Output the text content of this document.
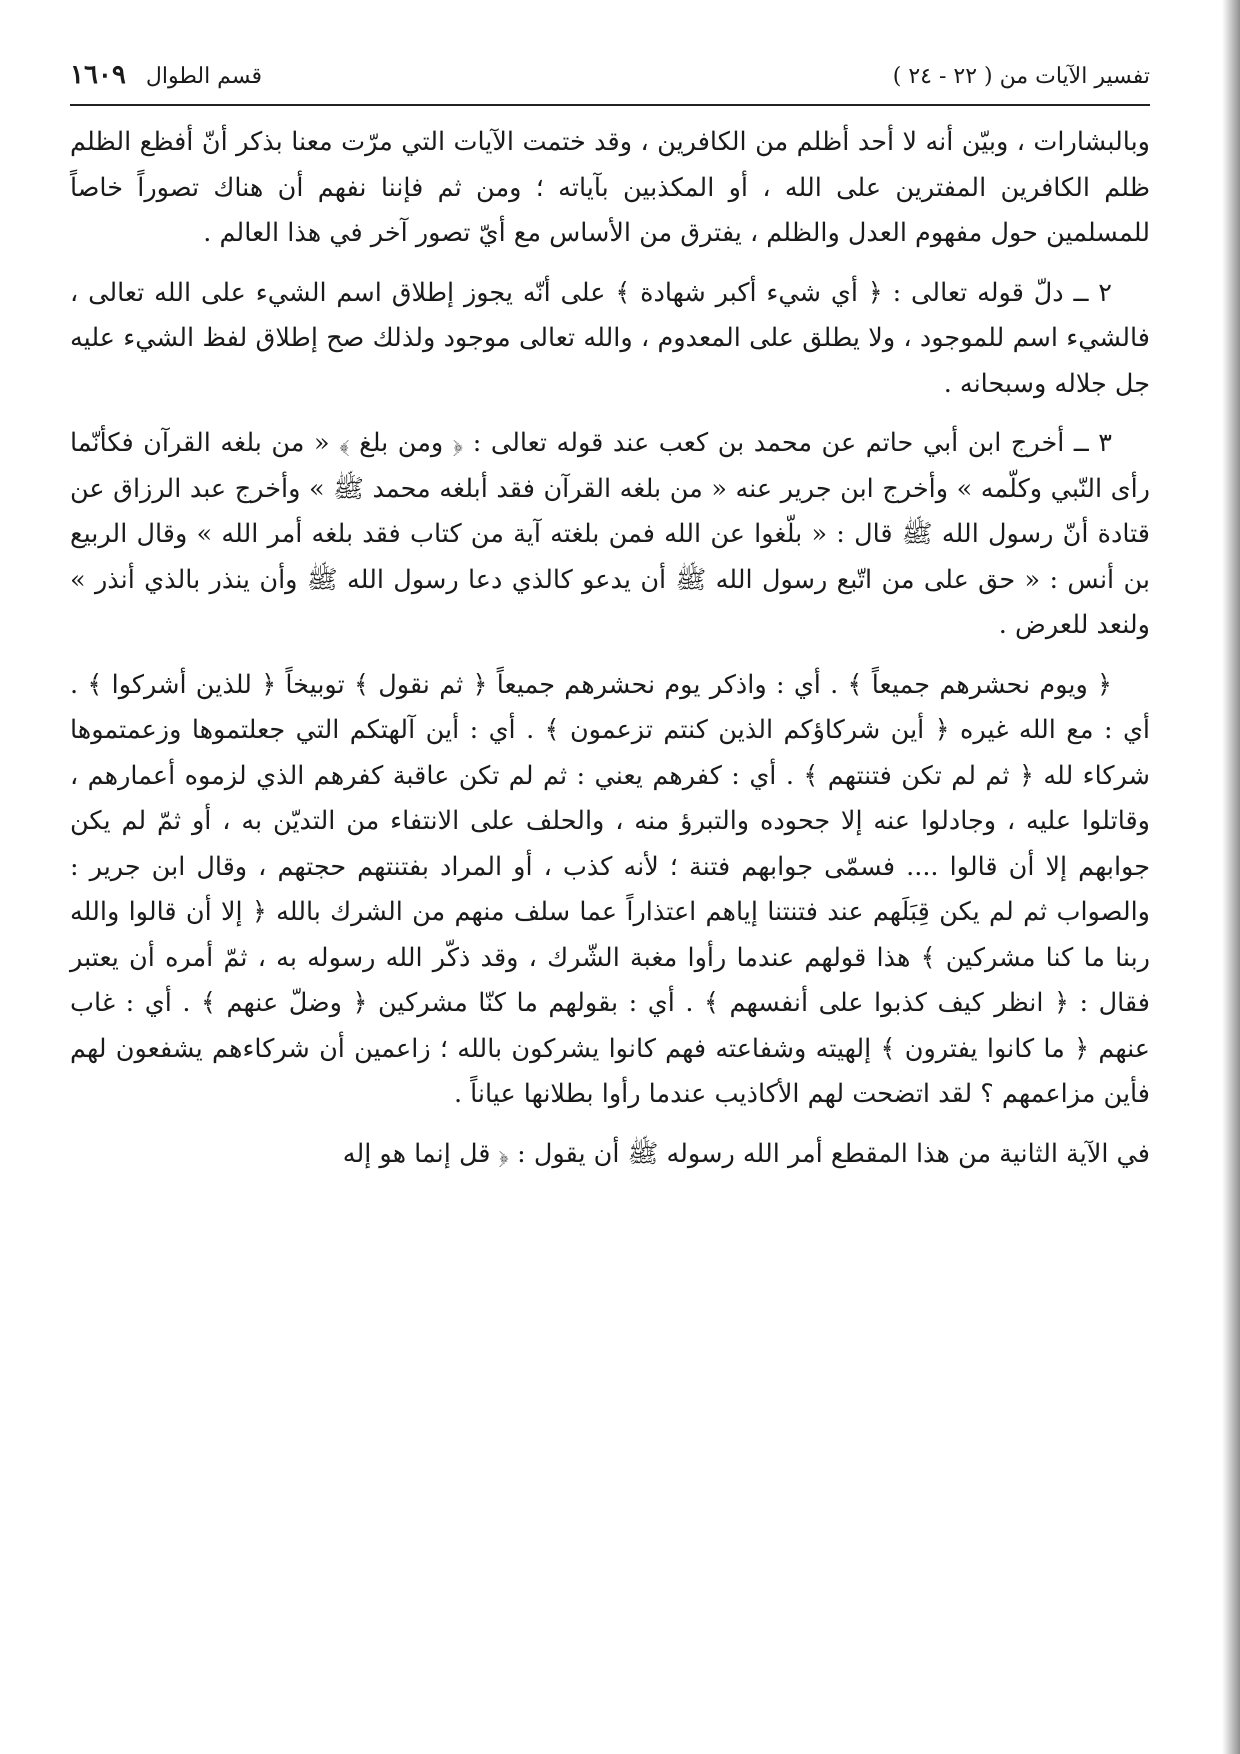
تفسير الآيات من ( ٢٢ - ٢٤ )
قسم الطوال
١٦٠٩

وبالبشارات ، وبيّن أنه لا أحد أظلم من الكافرين ، وقد ختمت الآيات التي مرّت معنا بذكر أنّ أفظع الظلم ظلم الكافرين المفترين على الله ، أو المكذبين بآياته ؛ ومن ثم فإننا نفهم أن هناك تصوراً خاصاً للمسلمين حول مفهوم العدل والظلم ، يفترق من الأساس مع أيّ تصور آخر في هذا العالم .

٢ ــ دلّ قوله تعالى : ﴿ أي شيء أكبر شهادة ﴾ على أنّه يجوز إطلاق اسم الشيء على الله تعالى ، فالشيء اسم للموجود ، ولا يطلق على المعدوم ، والله تعالى موجود ولذلك صح إطلاق لفظ الشيء عليه جل جلاله وسبحانه .

٣ ــ أخرج ابن أبي حاتم عن محمد بن كعب عند قوله تعالى : ﴿ ومن بلغ ﴾ « من بلغه القرآن فكأنّما رأى النّبي وكلّمه » وأخرج ابن جرير عنه « من بلغه القرآن فقد أبلغه محمد ﷺ » وأخرج عبد الرزاق عن قتادة أنّ رسول الله ﷺ قال : « بلّغوا عن الله فمن بلغته آية من كتاب فقد بلغه أمر الله » وقال الربيع بن أنس : « حق على من اتّبع رسول الله ﷺ أن يدعو كالذي دعا رسول الله ﷺ وأن ينذر بالذي أنذر » ولنعد للعرض .

﴿ ويوم نحشرهم جميعاً ﴾ . أي : واذكر يوم نحشرهم جميعاً ﴿ ثم نقول ﴾ توبيخاً ﴿ للذين أشركوا ﴾ . أي : مع الله غيره ﴿ أين شركاؤكم الذين كنتم تزعمون ﴾ . أي : أين آلهتكم التي جعلتموها وزعمتموها شركاء لله ﴿ ثم لم تكن فتنتهم ﴾ . أي : كفرهم يعني : ثم لم تكن عاقبة كفرهم الذي لزموه أعمارهم ، وقاتلوا عليه ، وجادلوا عنه إلا جحوده والتبرؤ منه ، والحلف على الانتفاء من التديّن به ، أو ثمّ لم يكن جوابهم إلا أن قالوا .... فسمّى جوابهم فتنة ؛ لأنه كذب ، أو المراد بفتنتهم حجتهم ، وقال ابن جرير : والصواب ثم لم يكن قِبَلَهم عند فتنتنا إياهم اعتذاراً عما سلف منهم من الشرك بالله ﴿ إلا أن قالوا والله ربنا ما كنا مشركين ﴾ هذا قولهم عندما رأوا مغبة الشّرك ، وقد ذكّر الله رسوله به ، ثمّ أمره أن يعتبر فقال : ﴿ انظر كيف كذبوا على أنفسهم ﴾ . أي : بقولهم ما كنّا مشركين ﴿ وضلّ عنهم ﴾ . أي : غاب عنهم ﴿ ما كانوا يفترون ﴾ إلهيته وشفاعته فهم كانوا يشركون بالله ؛ زاعمين أن شركاءهم يشفعون لهم فأين مزاعمهم ؟ لقد اتضحت لهم الأكاذيب عندما رأوا بطلانها عياناً .

في الآية الثانية من هذا المقطع أمر الله رسوله ﷺ أن يقول : ﴿ قل إنما هو إله
